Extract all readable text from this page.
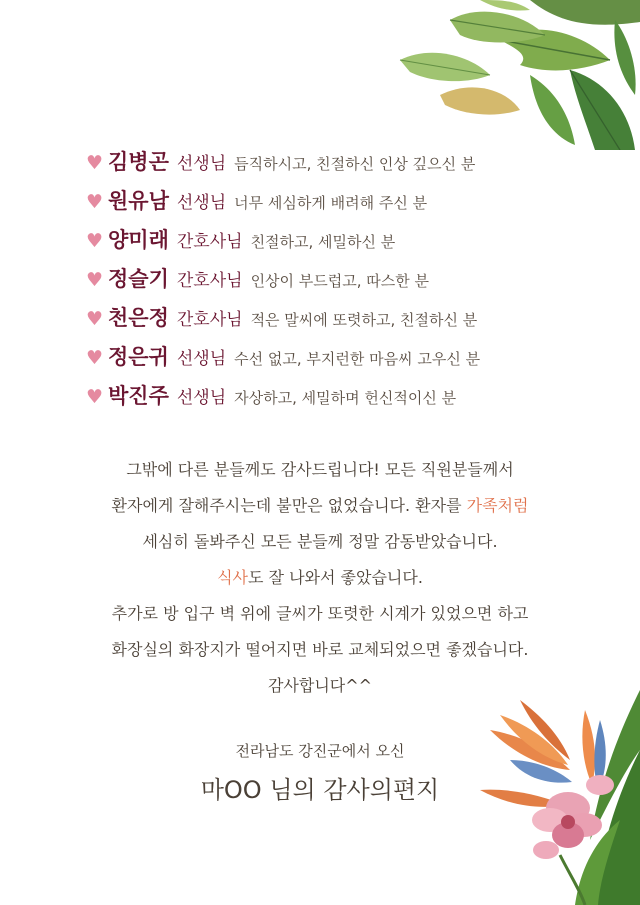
♥ 김병곤 선생님 듬직하시고, 친절하신 인상 깊으신 분
♥ 원유남 선생님 너무 세심하게 배려해 주신 분
♥ 양미래 간호사님 친절하고, 세밀하신 분
♥ 정슬기 간호사님 인상이 부드럽고, 따스한 분
♥ 천은정 간호사님 적은 말씨에 또렷하고, 친절하신 분
♥ 정은귀 선생님 수선 없고, 부지런한 마음씨 고우신 분
♥ 박진주 선생님 자상하고, 세밀하며 헌신적이신 분
그밖에 다른 분들께도 감사드립니다! 모든 직원분들께서
환자에게 잘해주시는데 불만은 없었습니다. 환자를 가족처럼
세심히 돌봐주신 모든 분들께 정말 감동받았습니다.
식사도 잘 나와서 좋았습니다.
추가로 방 입구 벽 위에 글씨가 또렷한 시계가 있었으면 하고
화장실의 화장지가 떨어지면 바로 교체되었으면 좋겠습니다.
감사합니다^^
전라남도 강진군에서 오신
마OO 님의 감사의편지
